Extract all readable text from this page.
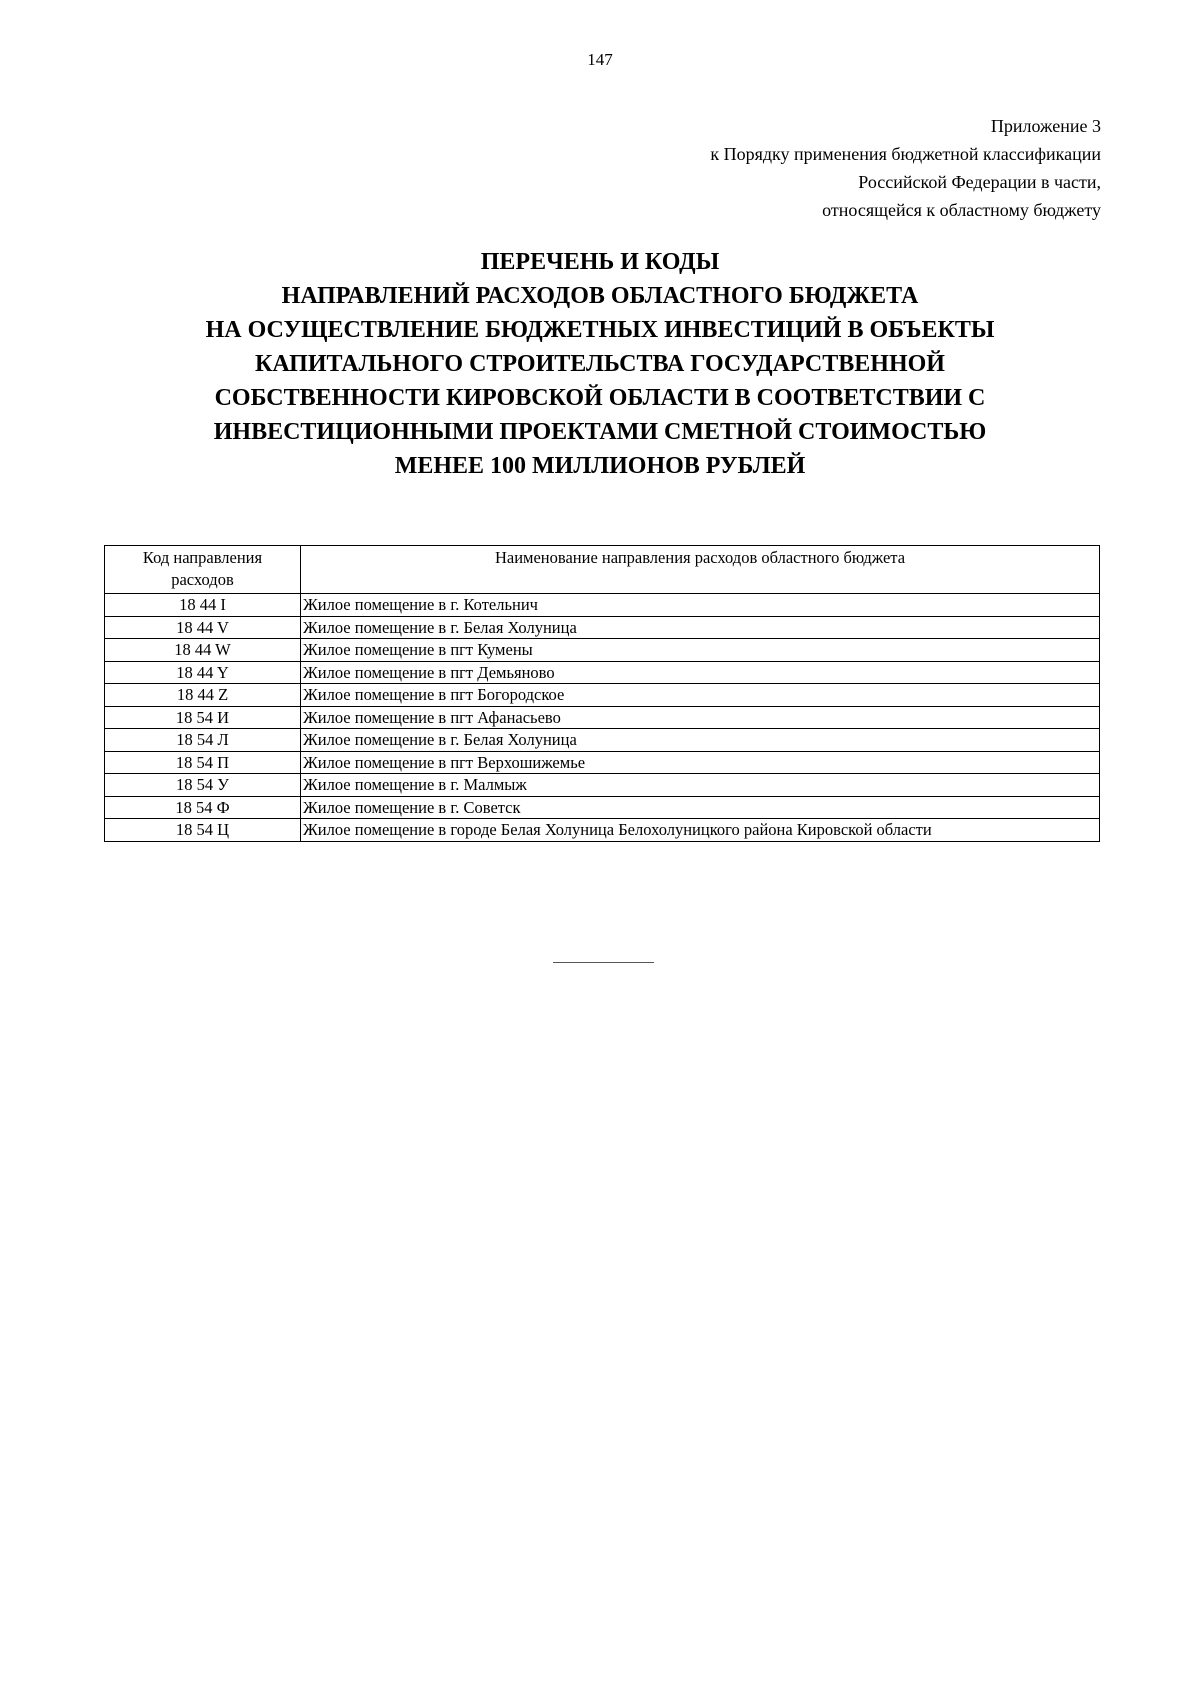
147
Приложение 3
к Порядку применения бюджетной классификации
Российской Федерации в части,
относящейся к областному бюджету
ПЕРЕЧЕНЬ И КОДЫ
НАПРАВЛЕНИЙ РАСХОДОВ ОБЛАСТНОГО БЮДЖЕТА
НА ОСУЩЕСТВЛЕНИЕ БЮДЖЕТНЫХ ИНВЕСТИЦИЙ В ОБЪЕКТЫ
КАПИТАЛЬНОГО СТРОИТЕЛЬСТВА ГОСУДАРСТВЕННОЙ
СОБСТВЕННОСТИ КИРОВСКОЙ ОБЛАСТИ В СООТВЕТСТВИИ С
ИНВЕСТИЦИОННЫМИ ПРОЕКТАМИ СМЕТНОЙ СТОИМОСТЬЮ
МЕНЕЕ 100 МИЛЛИОНОВ РУБЛЕЙ
Код направления
расходов	Наименование направления расходов областного бюджета
18 44 I	Жилое помещение в г. Котельнич
18 44 V	Жилое помещение в г. Белая Холуница
18 44 W	Жилое помещение в пгт Кумены
18 44 Y	Жилое помещение в пгт Демьяново
18 44 Z	Жилое помещение в пгт Богородское
18 54 И	Жилое помещение в пгт Афанасьево
18 54 Л	Жилое помещение в г. Белая Холуница
18 54 П	Жилое помещение в пгт Верхошижемье
18 54 У	Жилое помещение в г. Малмыж
18 54 Ф	Жилое помещение в г. Советск
18 54 Ц	Жилое помещение в городе Белая Холуница Белохолуницкого района Кировской области
